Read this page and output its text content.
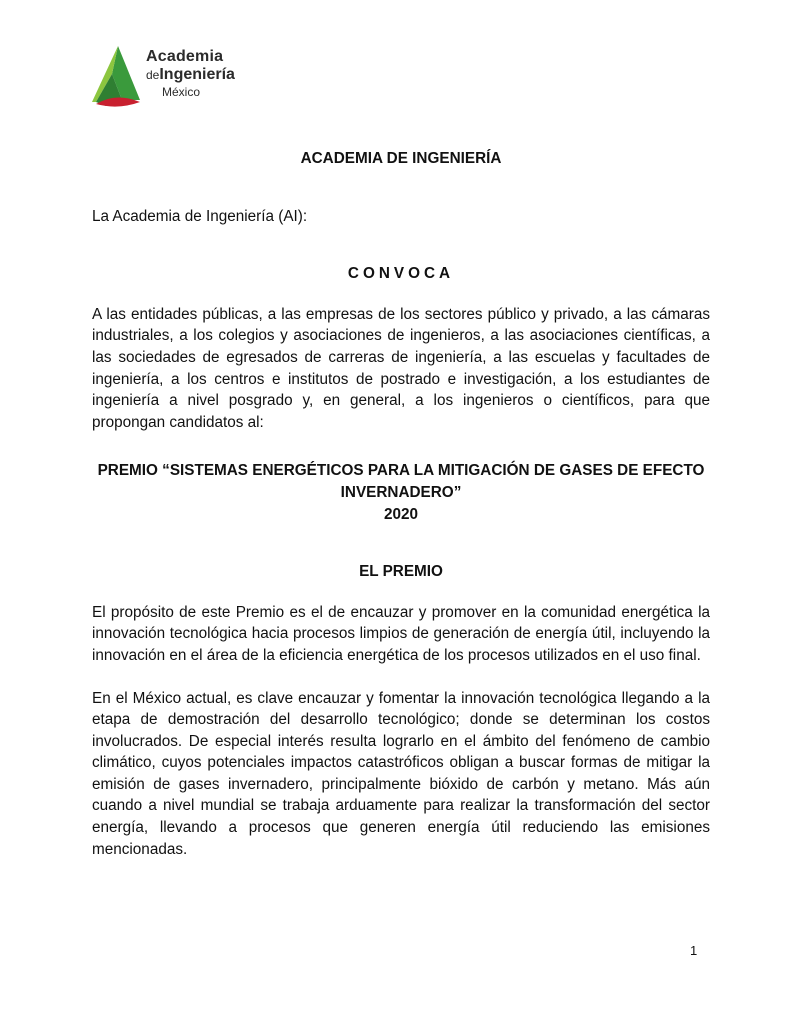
Academia
deIngeniería
México

ACADEMIA DE INGENIERÍA

La Academia de Ingeniería (AI):

CONVOCA

A las entidades públicas, a las empresas de los sectores público y privado, a las cámaras industriales, a los colegios y asociaciones de ingenieros, a las asociaciones científicas, a las sociedades de egresados de carreras de ingeniería, a las escuelas y facultades de ingeniería, a los centros e institutos de postrado e investigación, a los estudiantes de ingeniería a nivel posgrado y, en general, a los ingenieros o científicos, para que propongan candidatos al:

PREMIO “SISTEMAS ENERGÉTICOS PARA LA MITIGACIÓN DE GASES DE EFECTO INVERNADERO”
2020

EL PREMIO

El propósito de este Premio es el de encauzar y promover en la comunidad energética la innovación tecnológica hacia procesos limpios de generación de energía útil, incluyendo la innovación en el área de la eficiencia energética de los procesos utilizados en el uso final.

En el México actual, es clave encauzar y fomentar la innovación tecnológica llegando a la etapa de demostración del desarrollo tecnológico; donde se determinan los costos involucrados. De especial interés resulta lograrlo en el ámbito del fenómeno de cambio climático, cuyos potenciales impactos catastróficos obligan a buscar formas de mitigar la emisión de gases invernadero, principalmente bióxido de carbón y metano. Más aún cuando a nivel mundial se trabaja arduamente para realizar la transformación del sector energía, llevando a procesos que generen energía útil reduciendo las emisiones mencionadas.

1
